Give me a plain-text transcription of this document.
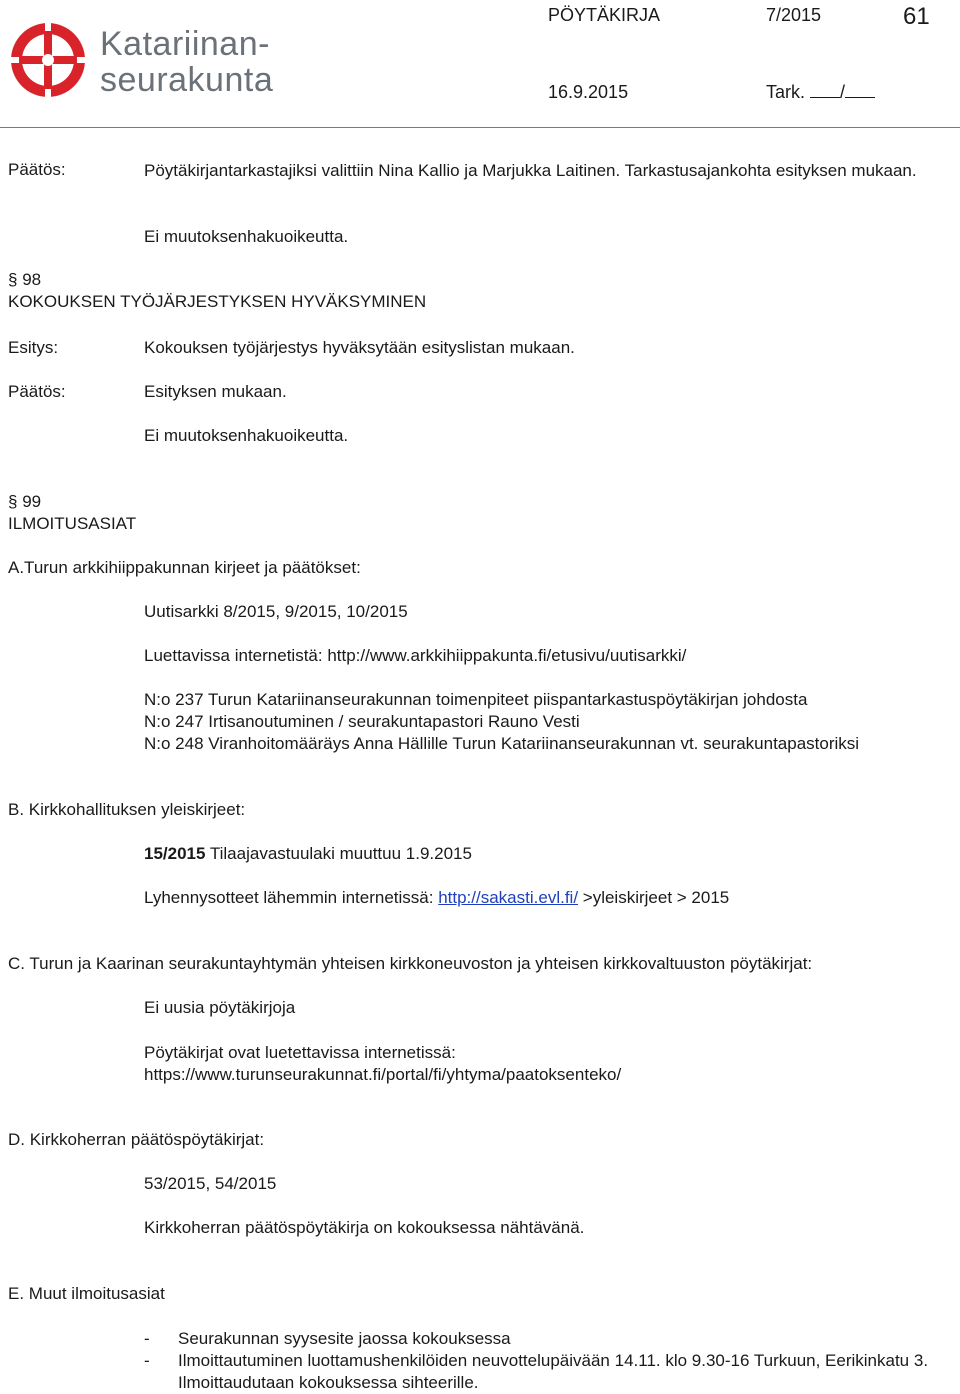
Katariinan-
seurakunta
PÖYTÄKIRJA	7/2015	61
16.9.2015	Tark. /
Päätös:	Pöytäkirjantarkastajiksi valittiin Nina Kallio ja Marjukka Laitinen. Tarkastusajankohta esityksen mukaan.
Ei muutoksenhakuoikeutta.
§ 98
KOKOUKSEN TYÖJÄRJESTYKSEN HYVÄKSYMINEN
Esitys:	Kokouksen työjärjestys hyväksytään esityslistan mukaan.
Päätös:	Esityksen mukaan.
Ei muutoksenhakuoikeutta.
§ 99
ILMOITUSASIAT
A.Turun arkkihiippakunnan kirjeet ja päätökset:
Uutisarkki 8/2015, 9/2015, 10/2015
Luettavissa internetistä: http://www.arkkihiippakunta.fi/etusivu/uutisarkki/
N:o 237 Turun Katariinanseurakunnan toimenpiteet piispantarkastuspöytäkirjan johdosta
N:o 247 Irtisanoutuminen / seurakuntapastori Rauno Vesti
N:o 248 Viranhoitomääräys Anna Hällille Turun Katariinanseurakunnan vt. seurakuntapastoriksi
B. Kirkkohallituksen yleiskirjeet:
15/2015 Tilaajavastuulaki muuttuu 1.9.2015
Lyhennysotteet lähemmin internetissä: http://sakasti.evl.fi/ >yleiskirjeet > 2015
C. Turun ja Kaarinan seurakuntayhtymän yhteisen kirkkoneuvoston ja yhteisen kirkkovaltuuston pöytäkirjat:
Ei uusia pöytäkirjoja
Pöytäkirjat ovat luetettavissa internetissä:
https://www.turunseurakunnat.fi/portal/fi/yhtyma/paatoksenteko/
D. Kirkkoherran päätöspöytäkirjat:
53/2015, 54/2015
Kirkkoherran päätöspöytäkirja on kokouksessa nähtävänä.
E. Muut ilmoitusasiat
- Seurakunnan syysesite jaossa kokouksessa
- Ilmoittautuminen luottamushenkilöiden neuvottelupäivään 14.11. klo 9.30-16 Turkuun, Eerikinkatu 3. Ilmoittaudutaan kokouksessa sihteerille.
